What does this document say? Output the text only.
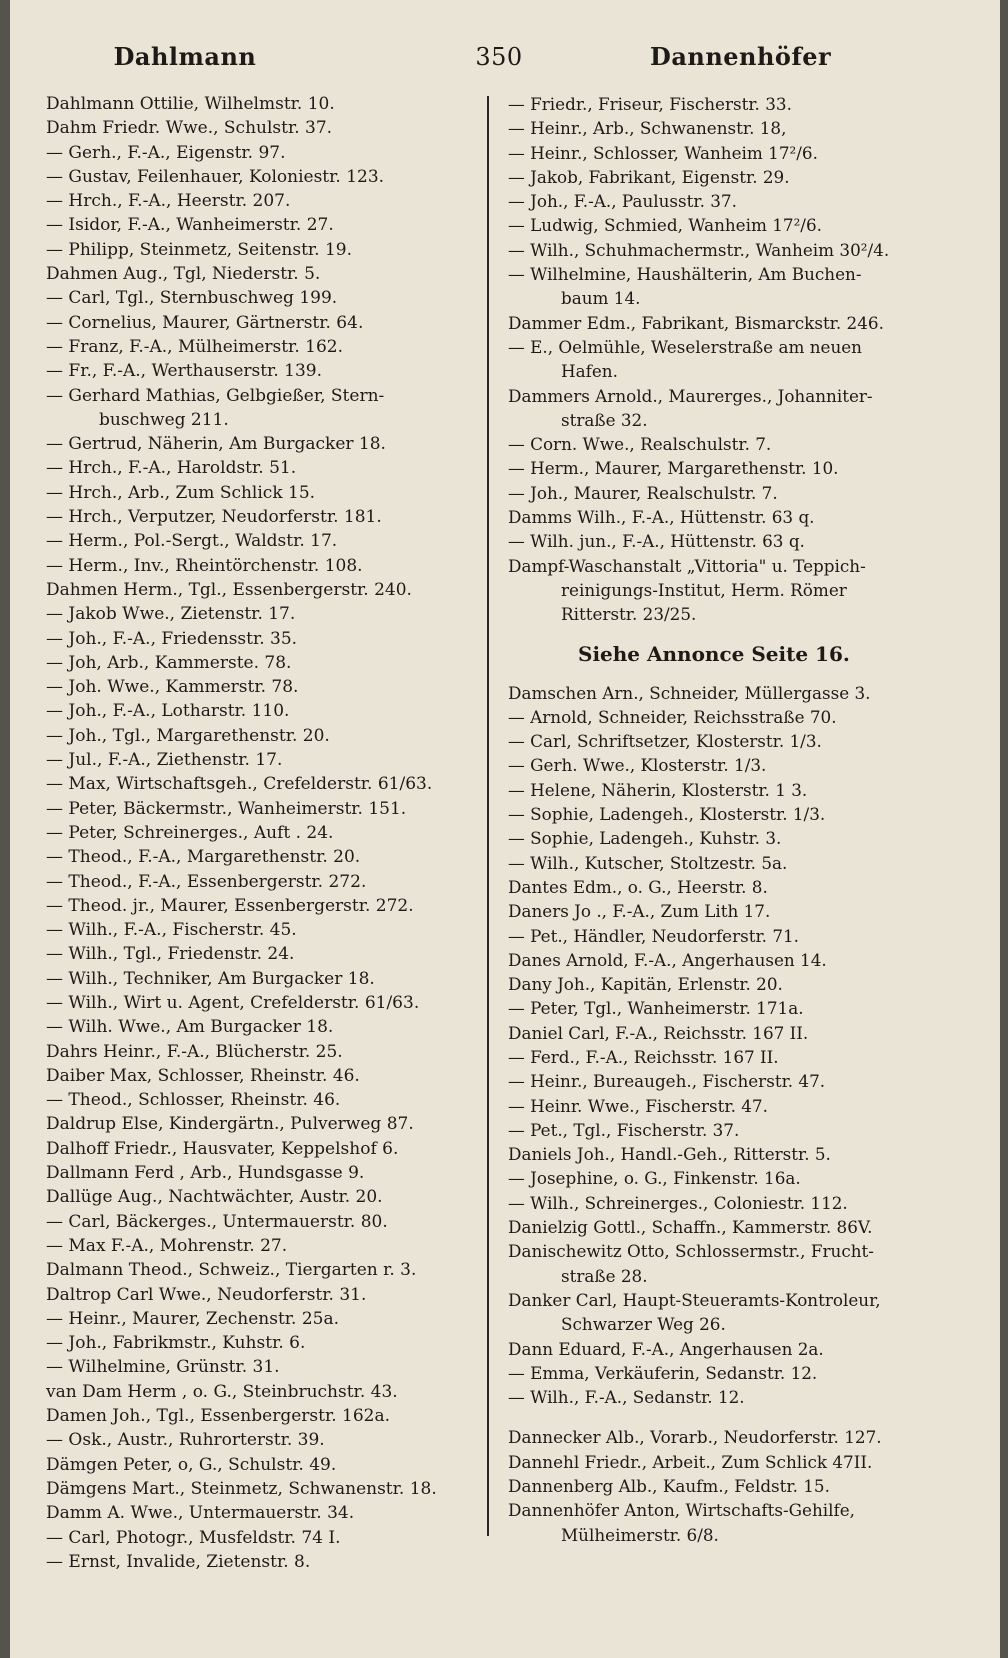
Dahlmann	350	Dannenhöfer
Dahlmann Ottilie, Wilhelmstr. 10.
Dahm Friedr. Wwe., Schulstr. 37.
— Gerh., F.-A., Eigenstr. 97.
— Gustav, Feilenhauer, Koloniestr. 123.
— Hrch., F.-A., Heerstr. 207.
— Isidor, F.-A., Wanheimerstr. 27.
— Philipp, Steinmetz, Seitenstr. 19.
Dahmen Aug., Tgl, Niederstr. 5.
— Carl, Tgl., Sternbuschweg 199.
— Cornelius, Maurer, Gärtnerstr. 64.
— Franz, F.-A., Mülheimerstr. 162.
— Fr., F.-A., Werthauserstr. 139.
— Gerhard Mathias, Gelbgießer, Stern-
buschweg 211.
— Gertrud, Näherin, Am Burgacker 18.
— Hrch., F.-A., Haroldstr. 51.
— Hrch., Arb., Zum Schlick 15.
— Hrch., Verputzer, Neudorferstr. 181.
— Herm., Pol.-Sergt., Waldstr. 17.
— Herm., Inv., Rheintörchenstr. 108.
Dahmen Herm., Tgl., Essenbergerstr. 240.
— Jakob Wwe., Zietenstr. 17.
— Joh., F.-A., Friedensstr. 35.
— Joh, Arb., Kammerste. 78.
— Joh. Wwe., Kammerstr. 78.
— Joh., F.-A., Lotharstr. 110.
— Joh., Tgl., Margarethenstr. 20.
— Jul., F.-A., Ziethenstr. 17.
— Max, Wirtschaftsgeh., Crefelderstr. 61/63.
— Peter, Bäckermstr., Wanheimerstr. 151.
— Peter, Schreinerges., Auft . 24.
— Theod., F.-A., Margarethenstr. 20.
— Theod., F.-A., Essenbergerstr. 272.
— Theod. jr., Maurer, Essenbergerstr. 272.
— Wilh., F.-A., Fischerstr. 45.
— Wilh., Tgl., Friedenstr. 24.
— Wilh., Techniker, Am Burgacker 18.
— Wilh., Wirt u. Agent, Crefelderstr. 61/63.
— Wilh. Wwe., Am Burgacker 18.
Dahrs Heinr., F.-A., Blücherstr. 25.
Daiber Max, Schlosser, Rheinstr. 46.
— Theod., Schlosser, Rheinstr. 46.
Daldrup Else, Kindergärtn., Pulverweg 87.
Dalhoff Friedr., Hausvater, Keppelshof 6.
Dallmann Ferd , Arb., Hundsgasse 9.
Dallüge Aug., Nachtwächter, Austr. 20.
— Carl, Bäckerges., Untermauerstr. 80.
— Max F.-A., Mohrenstr. 27.
Dalmann Theod., Schweiz., Tiergarten r. 3.
Daltrop Carl Wwe., Neudorferstr. 31.
— Heinr., Maurer, Zechenstr. 25a.
— Joh., Fabrikmstr., Kuhstr. 6.
— Wilhelmine, Grünstr. 31.
van Dam Herm , o. G., Steinbruchstr. 43.
Damen Joh., Tgl., Essenbergerstr. 162a.
— Osk., Austr., Ruhrorterstr. 39.
Dämgen Peter, o, G., Schulstr. 49.
Dämgens Mart., Steinmetz, Schwanenstr. 18.
Damm A. Wwe., Untermauerstr. 34.
— Carl, Photogr., Musfeldstr. 74 I.
— Ernst, Invalide, Zietenstr. 8.
— Friedr., Friseur, Fischerstr. 33.
— Heinr., Arb., Schwanenstr. 18,
— Heinr., Schlosser, Wanheim 17²/6.
— Jakob, Fabrikant, Eigenstr. 29.
— Joh., F.-A., Paulusstr. 37.
— Ludwig, Schmied, Wanheim 17²/6.
— Wilh., Schuhmachermstr., Wanheim 30²/4.
— Wilhelmine, Haushälterin, Am Buchen-
baum 14.
Dammer Edm., Fabrikant, Bismarckstr. 246.
— E., Oelmühle, Weselerstraße am neuen
Hafen.
Dammers Arnold., Maurerges., Johanniter-
straße 32.
— Corn. Wwe., Realschulstr. 7.
— Herm., Maurer, Margarethenstr. 10.
— Joh., Maurer, Realschulstr. 7.
Damms Wilh., F.-A., Hüttenstr. 63 q.
— Wilh. jun., F.-A., Hüttenstr. 63 q.
Dampf-Waschanstalt „Vittoria" u. Teppich-
reinigungs-Institut, Herm. Römer
Ritterstr. 23/25.
Siehe Annonce Seite 16.
Damschen Arn., Schneider, Müllergasse 3.
— Arnold, Schneider, Reichsstraße 70.
— Carl, Schriftsetzer, Klosterstr. 1/3.
— Gerh. Wwe., Klosterstr. 1/3.
— Helene, Näherin, Klosterstr. 1 3.
— Sophie, Ladengeh., Klosterstr. 1/3.
— Sophie, Ladengeh., Kuhstr. 3.
— Wilh., Kutscher, Stoltzestr. 5a.
Dantes Edm., o. G., Heerstr. 8.
Daners Jo ., F.-A., Zum Lith 17.
— Pet., Händler, Neudorferstr. 71.
Danes Arnold, F.-A., Angerhausen 14.
Dany Joh., Kapitän, Erlenstr. 20.
— Peter, Tgl., Wanheimerstr. 171a.
Daniel Carl, F.-A., Reichsstr. 167 II.
— Ferd., F.-A., Reichsstr. 167 II.
— Heinr., Bureaugeh., Fischerstr. 47.
— Heinr. Wwe., Fischerstr. 47.
— Pet., Tgl., Fischerstr. 37.
Daniels Joh., Handl.-Geh., Ritterstr. 5.
— Josephine, o. G., Finkenstr. 16a.
— Wilh., Schreinerges., Coloniestr. 112.
Danielzig Gottl., Schaffn., Kammerstr. 86V.
Danischewitz Otto, Schlossermstr., Frucht-
straße 28.
Danker Carl, Haupt-Steueramts-Kontroleur,
Schwarzer Weg 26.
Dann Eduard, F.-A., Angerhausen 2a.
— Emma, Verkäuferin, Sedanstr. 12.
— Wilh., F.-A., Sedanstr. 12.
Dannecker Alb., Vorarb., Neudorferstr. 127.
Dannehl Friedr., Arbeit., Zum Schlick 47II.
Dannenberg Alb., Kaufm., Feldstr. 15.
Dannenhöfer Anton, Wirtschafts-Gehilfe,
Mülheimerstr. 6/8.
